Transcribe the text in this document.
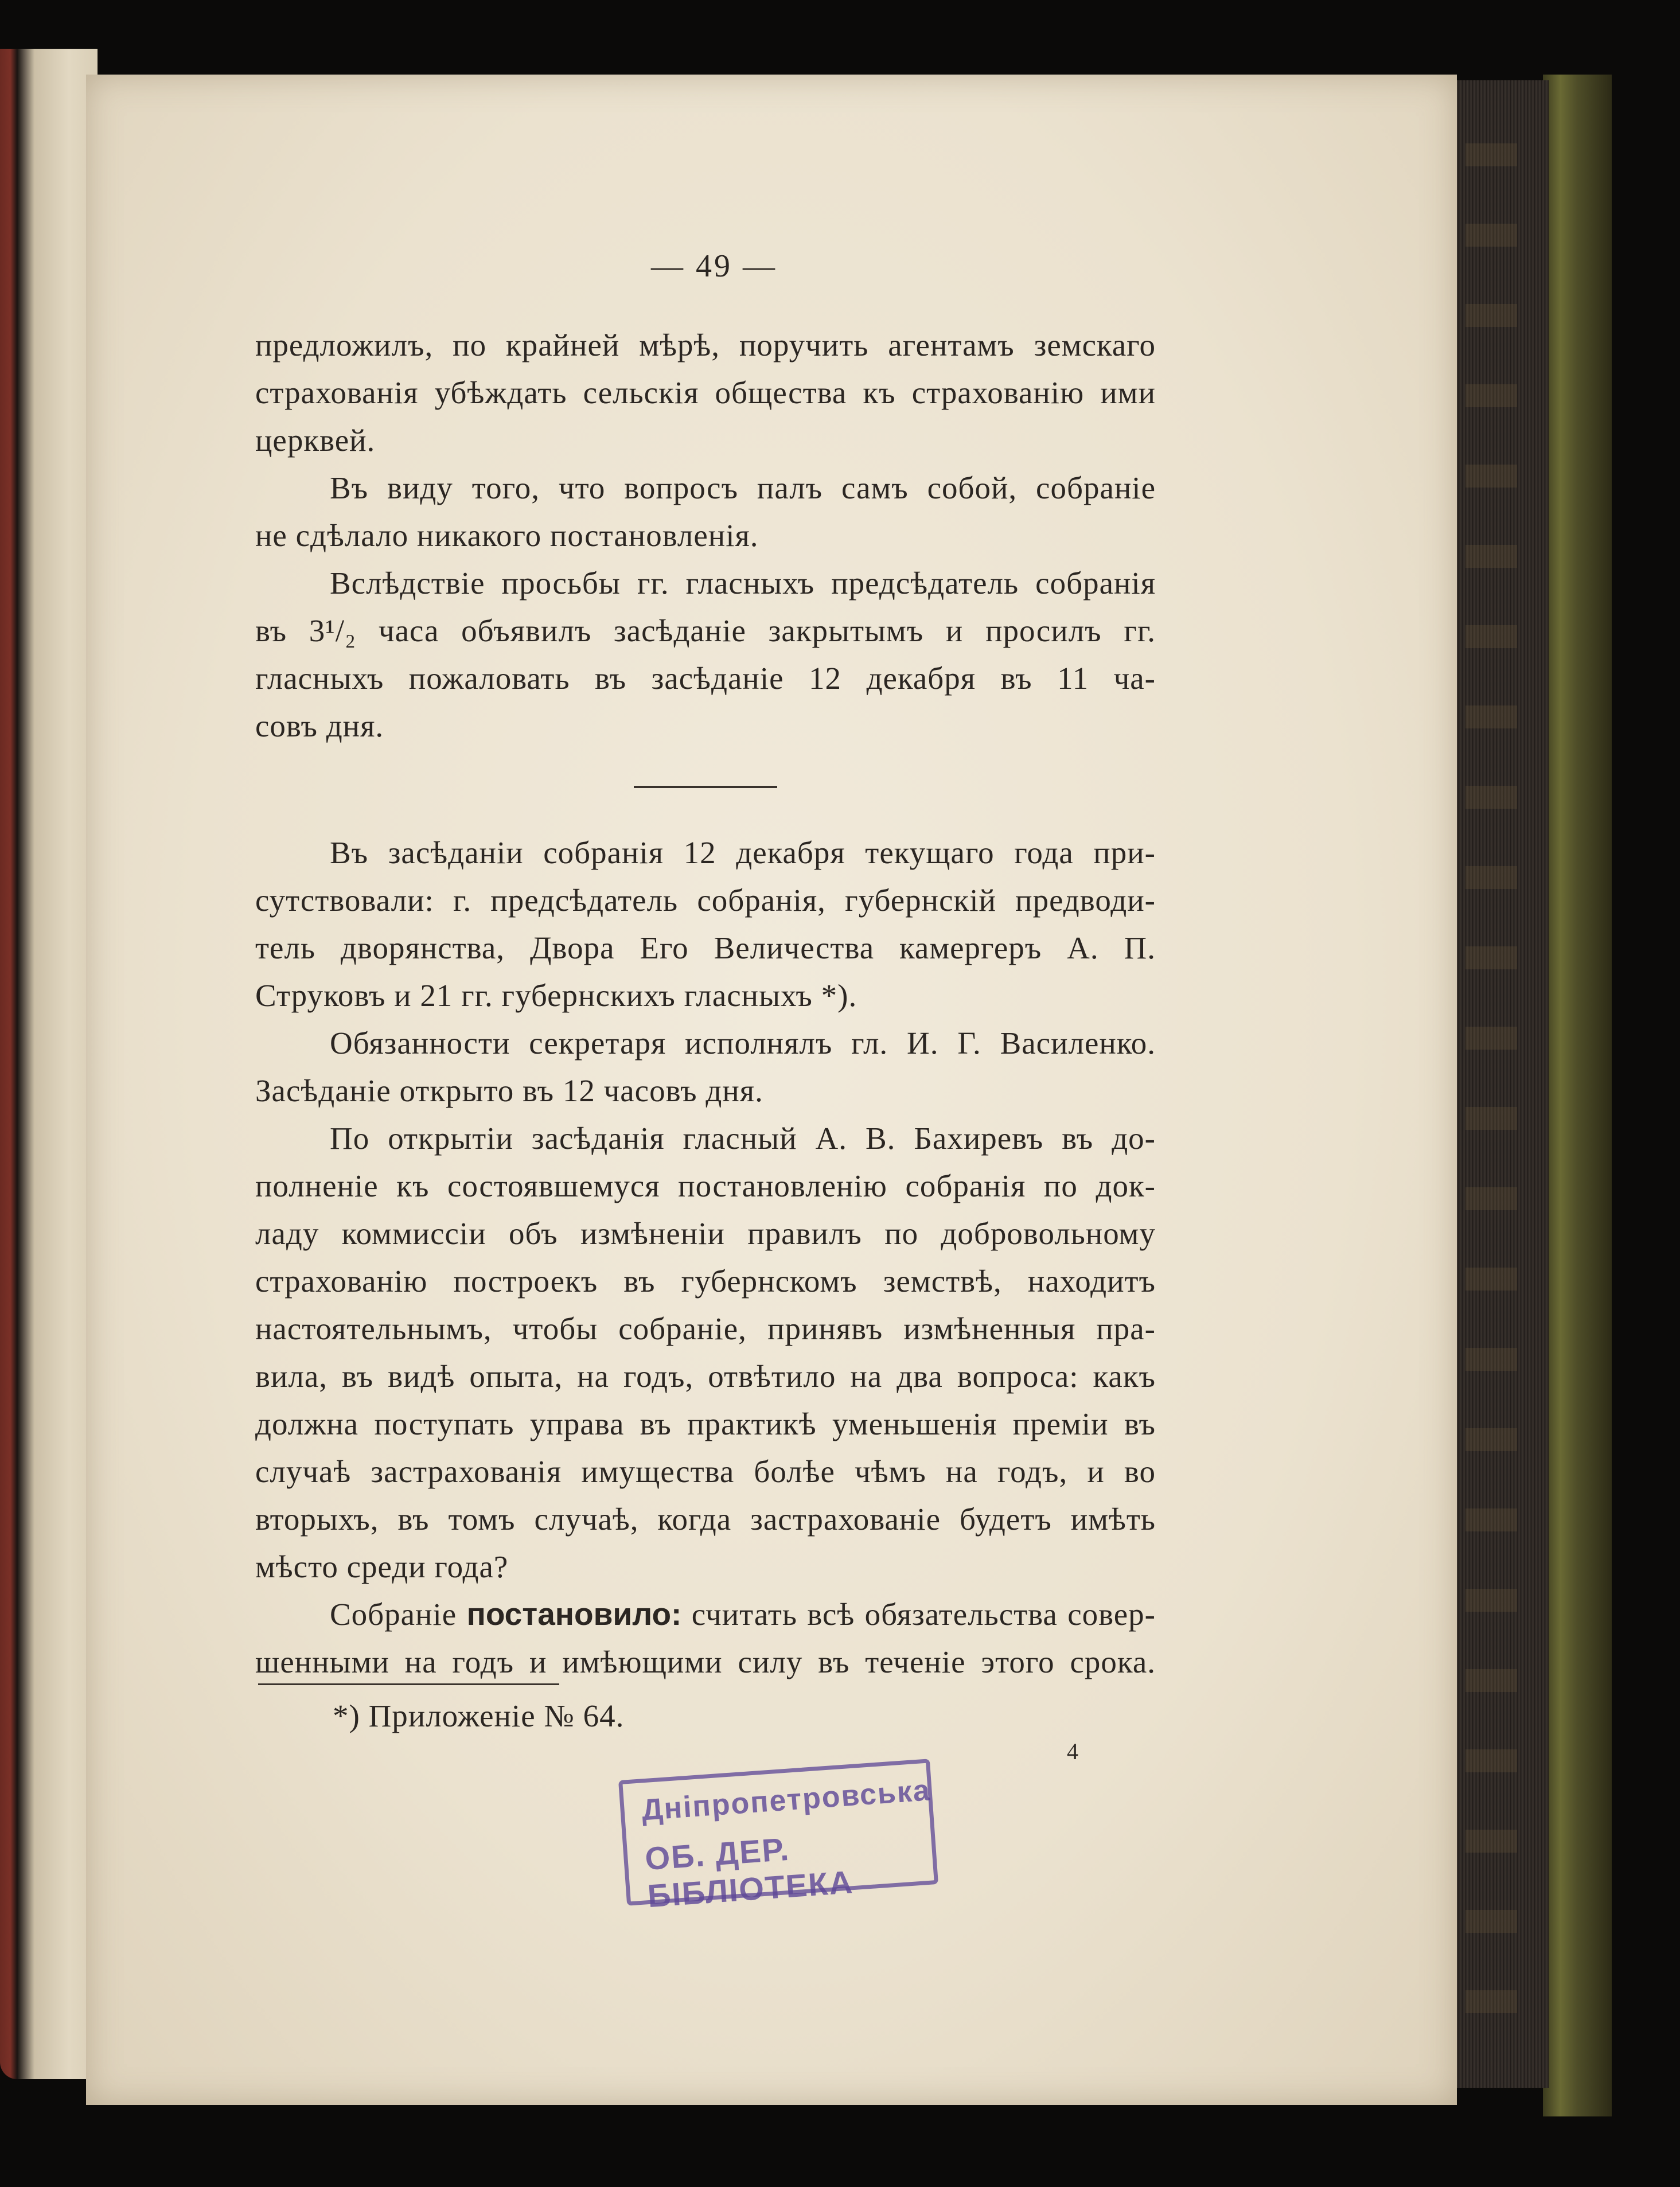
— 49 —
предложилъ, по крайней мѣрѣ, поручить агентамъ земскаго
страхованія убѣждать сельскія общества къ страхованію ими
церквей.
Въ виду того, что вопросъ палъ самъ собой, собраніе
не сдѣлало никакого постановленія.
Вслѣдствіе просьбы гг. гласныхъ предсѣдатель собранія
въ 3¹/₂ часа объявилъ засѣданіе закрытымъ и просилъ гг.
гласныхъ пожаловать въ засѣданіе 12 декабря въ 11 ча-
совъ дня.
Въ засѣданіи собранія 12 декабря текущаго года при-
сутствовали: г. предсѣдатель собранія, губернскій предводи-
тель дворянства, Двора Его Величества камергеръ А. П.
Струковъ и 21 гг. губернскихъ гласныхъ *).
Обязанности секретаря исполнялъ гл. И. Г. Василенко.
Засѣданіе открыто въ 12 часовъ дня.
По открытіи засѣданія гласный А. В. Бахиревъ въ до-
полненіе къ состоявшемуся постановленію собранія по док-
ладу коммиссіи объ измѣненіи правилъ по добровольному
страхованію построекъ въ губернскомъ земствѣ, находитъ
настоятельнымъ, чтобы собраніе, принявъ измѣненныя пра-
вила, въ видѣ опыта, на годъ, отвѣтило на два вопроса: какъ
должна поступать управа въ практикѣ уменьшенія преміи въ
случаѣ застрахованія имущества болѣе чѣмъ на годъ, и во
вторыхъ, въ томъ случаѣ, когда застрахованіе будетъ имѣть
мѣсто среди года?
Собраніе постановило: считать всѣ обязательства совер-
шенными на годъ и имѣющими силу въ теченіе этого срока.
*) Приложеніе № 64.
4
Дніпропетровська
ОБ. ДЕР. БІБЛІОТЕКА
